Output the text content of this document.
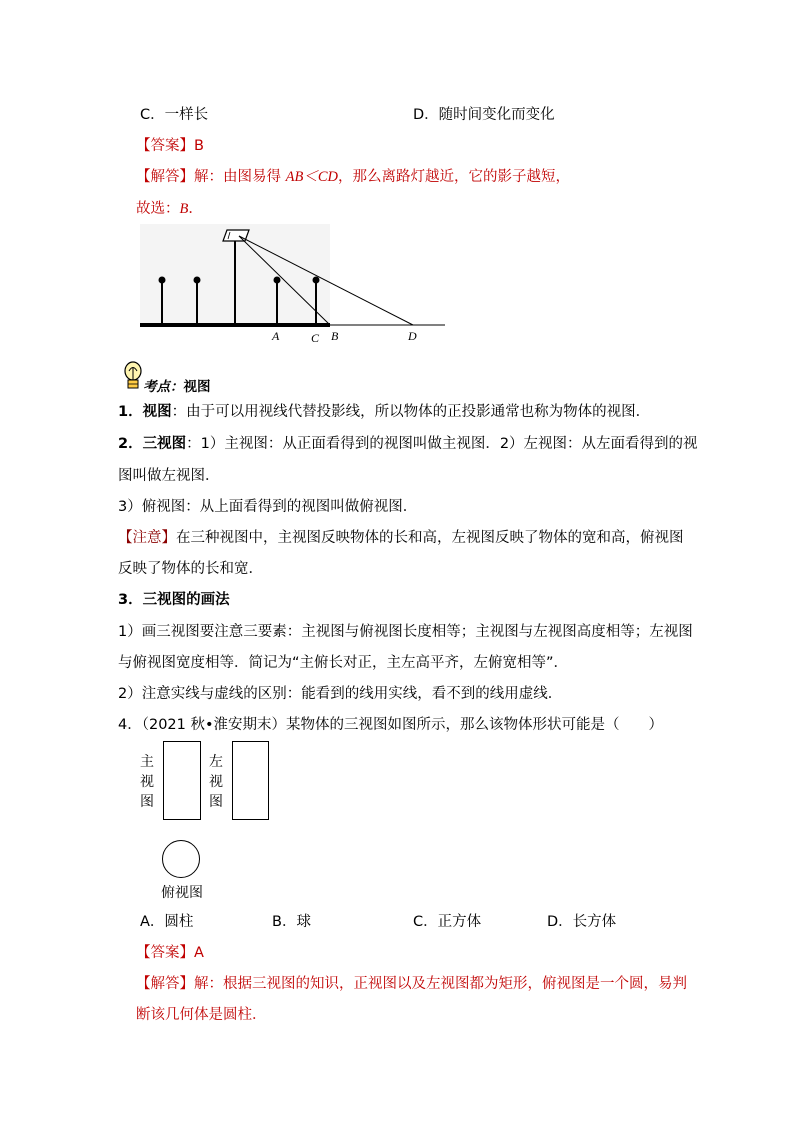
C．一样长	D．随时间变化而变化
【答案】B
【解答】解：由图易得 AB＜CD，那么离路灯越近，它的影子越短，
故选：B．
A	C B	D
考点：视图
1．视图：由于可以用视线代替投影线，所以物体的正投影通常也称为物体的视图．
2．三视图：1）主视图：从正面看得到的视图叫做主视图．2）左视图：从左面看得到的视
图叫做左视图．
3）俯视图：从上面看得到的视图叫做俯视图．
【注意】在三种视图中，主视图反映物体的长和高，左视图反映了物体的宽和高，俯视图
反映了物体的长和宽．
3．三视图的画法
1）画三视图要注意三要素：主视图与俯视图长度相等；主视图与左视图高度相等；左视图
与俯视图宽度相等．简记为“主俯长对正，主左高平齐，左俯宽相等”．
2）注意实线与虚线的区别：能看到的线用实线，看不到的线用虚线．
4．（2021 秋•淮安期末）某物体的三视图如图所示，那么该物体形状可能是（　　）
主视图
左视图
俯视图
A．圆柱	B．球	C．正方体	D．长方体
【答案】A
【解答】解：根据三视图的知识，正视图以及左视图都为矩形，俯视图是一个圆，易判
断该几何体是圆柱．
